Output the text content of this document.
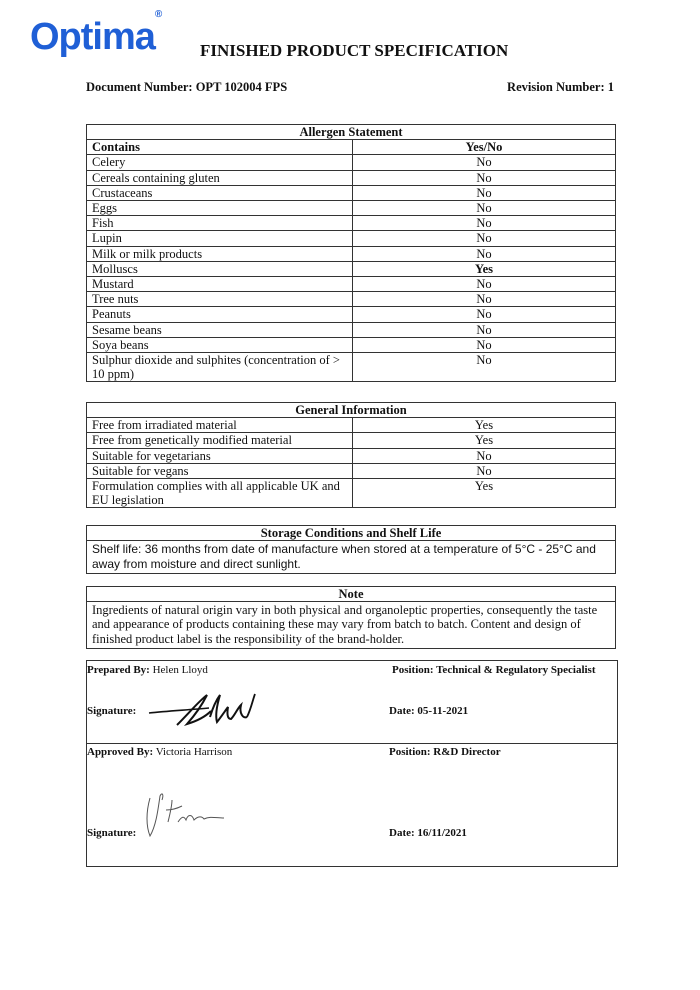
Optima®
FINISHED PRODUCT SPECIFICATION
Document Number: OPT 102004 FPS	Revision Number: 1
Allergen Statement	
Contains	Yes/No
Celery	No
Cereals containing gluten	No
Crustaceans	No
Eggs	No
Fish	No
Lupin	No
Milk or milk products	No
Molluscs	Yes
Mustard	No
Tree nuts	No
Peanuts	No
Sesame beans	No
Soya beans	No
Sulphur dioxide and sulphites (concentration of > 10 ppm)	No
General Information	
Free from irradiated material	Yes
Free from genetically modified material	Yes
Suitable for vegetarians	No
Suitable for vegans	No
Formulation complies with all applicable UK and EU legislation	Yes
Storage Conditions and Shelf Life
Shelf life: 36 months from date of manufacture when stored at a temperature of 5°C - 25°C and away from moisture and direct sunlight.
Note
Ingredients of natural origin vary in both physical and organoleptic properties, consequently the taste and appearance of products containing these may vary from batch to batch. Content and design of finished product label is the responsibility of the brand-holder.
Prepared By: Helen Lloyd	Position: Technical & Regulatory Specialist
Signature:	Date: 05-11-2021
Approved By: Victoria Harrison	Position: R&D Director
Signature:	Date: 16/11/2021
